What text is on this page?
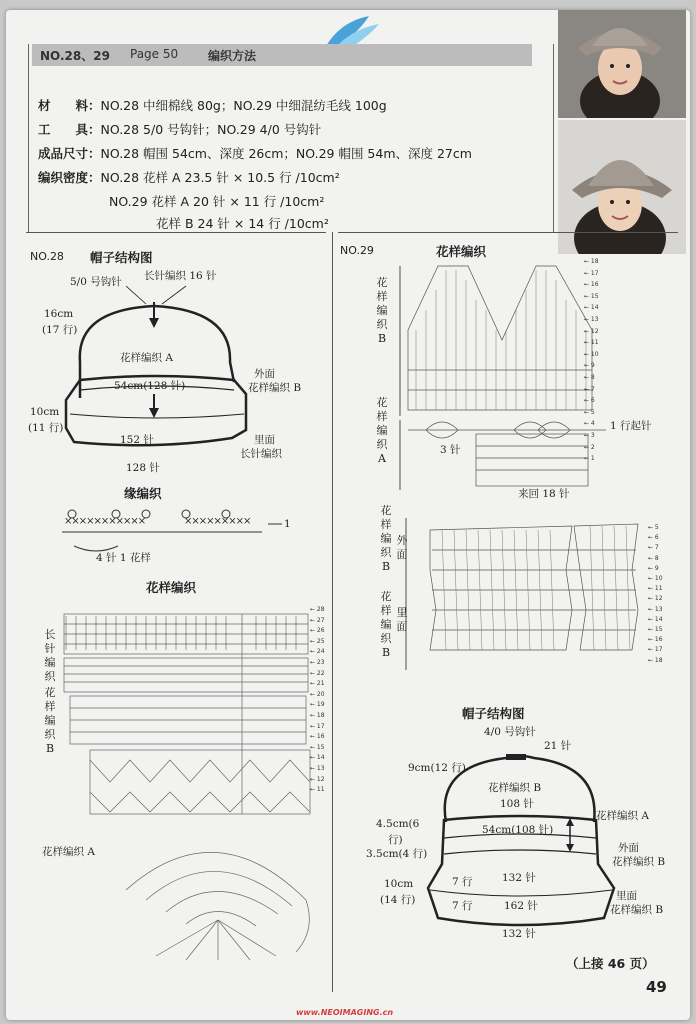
NO.28、29 Page 50 编织方法
材　　料：NO.28 中细棉线 80g；NO.29 中细混纺毛线 100g
工　　具：NO.28 5/0 号钩针；NO.29 4/0 号钩针
成品尺寸：NO.28 帽围 54cm、深度 26cm；NO.29 帽围 54m、深度 27cm
编织密度：NO.28 花样 A 23.5 针 × 10.5 行 /10cm²
NO.29 花样 A 20 针 × 11 行 /10cm²
花样 B 24 针 × 14 行 /10cm²
NO.28 帽子结构图
5/0 号钩针 长针编织 16 针
16cm
(17 行)
花样编织 A
54cm(128 针)
外面
花样编织 B
10cm
(11 行)
152 针	里面
长针编织
128 针
缘编织
×××××××××××	×××××××××	1
4 针 1 花样
花样编织
长针编织
花样编织B
花样编织 A
← 28
← 27
← 26
← 25
← 24
← 23
← 22
← 21
← 20
← 19
← 18
← 17
← 16
← 15
← 14
← 13
← 12
← 11
NO.29	花样编织
花样编织B
花样编织A
3 针
来回 18 针
1 行起针
← 18
← 17
← 16
← 15
← 14
← 13
← 12
← 11
← 10
← 9
← 8
← 7
← 6
← 5
← 4
← 3
← 2
← 1
花样编织B
外面
花样编织B
里面
← 5
← 6
← 7
← 8
← 9
← 10
← 11
← 12
← 13
← 14
← 15
← 16
← 17
← 18
帽子结构图
4/0 号钩针
21 针
9cm(12 行)
花样编织 B
108 针
4.5cm(6
行)
3.5cm(4 行)
54cm(108 针)
花样编织 A
外面
花样编织 B
10cm
(14 行)
7 行	132 针
7 行	162 针
里面
花样编织 B
132 针
（上接 46 页）
49
www.NEOIMAGING.cn
